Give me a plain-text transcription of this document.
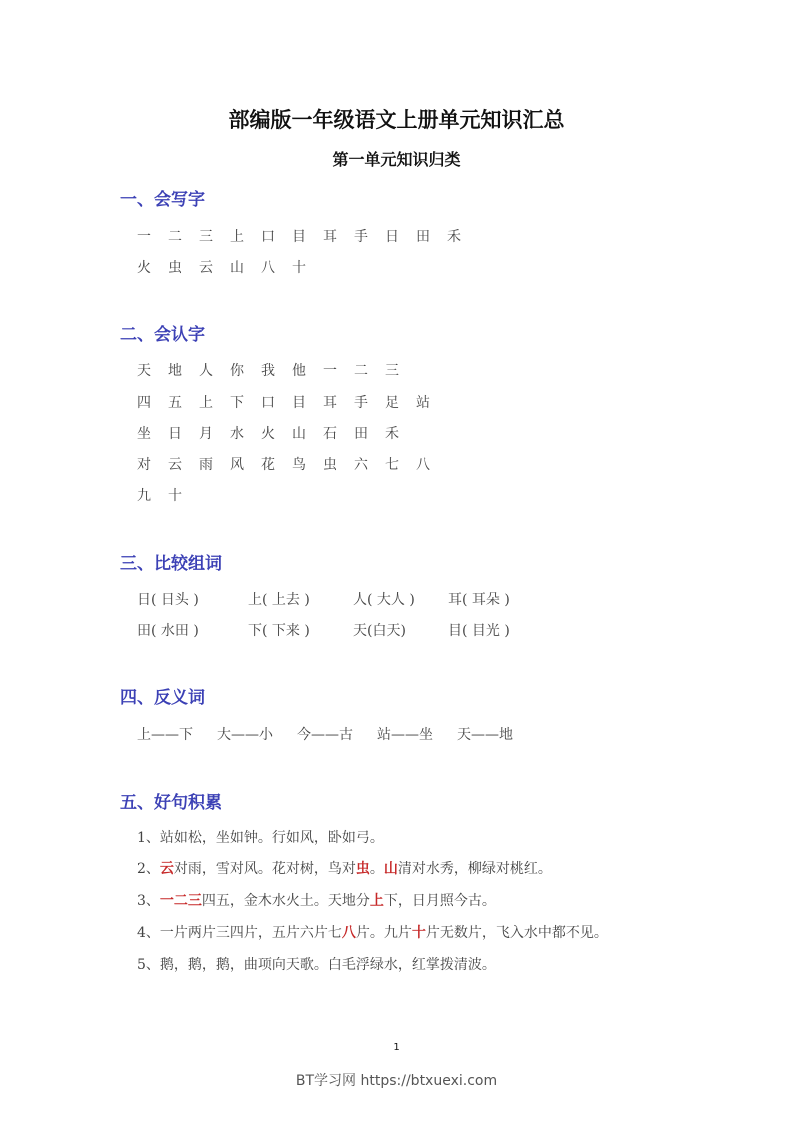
部编版一年级语文上册单元知识汇总
第一单元知识归类
一、会写字
一 二 三 上 口 目 耳 手 日 田 禾
火 虫 云 山 八 十
二、会认字
天 地 人 你 我 他 一 二 三
四 五 上 下 口 目 耳 手 足 站
坐 日 月 水 火 山 石 田 禾
对 云 雨 风 花 鸟 虫 六 七 八
九 十
三、比较组词
日( 日头 )	上( 上去 )	人( 大人 ) 耳( 耳朵 )
田( 水田 )	下( 下来 )	天(白天)	目( 目光 )
四、反义词
上——下 大——小 今——古 站——坐 天——地
五、好句积累
1、站如松，坐如钟。行如风，卧如弓。
2、云对雨，雪对风。花对树，鸟对虫。山清对水秀，柳绿对桃红。
3、一二三四五，金木水火土。天地分上下，日月照今古。
4、一片两片三四片，五片六片七八片。九片十片无数片，飞入水中都不见。
5、鹅，鹅，鹅，曲项向天歌。白毛浮绿水，红掌拨清波。
1
BT学习网 https://btxuexi.com
